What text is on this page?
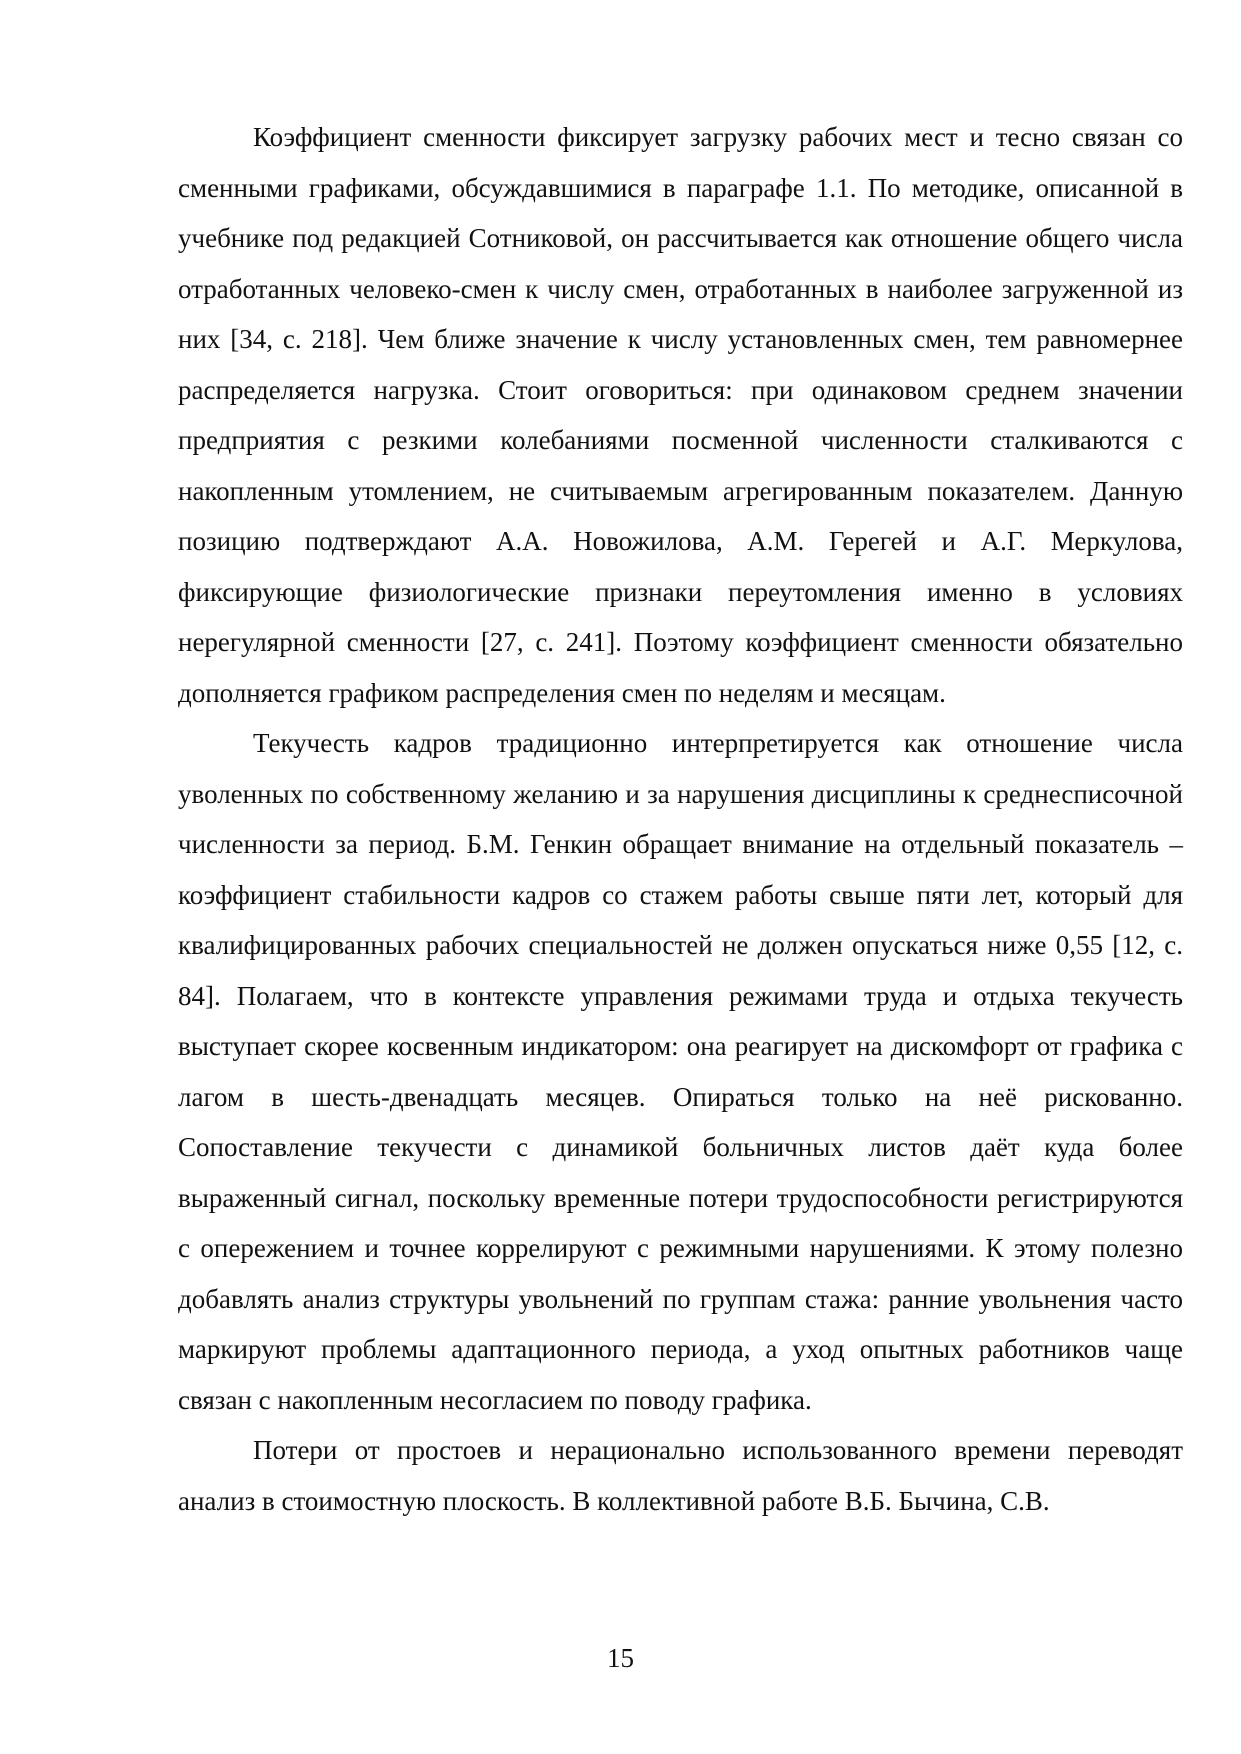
Коэффициент сменности фиксирует загрузку рабочих мест и тесно связан со сменными графиками, обсуждавшимися в параграфе 1.1. По методике, описанной в учебнике под редакцией Сотниковой, он рассчитывается как отношение общего числа отработанных человеко-смен к числу смен, отработанных в наиболее загруженной из них [34, с. 218]. Чем ближе значение к числу установленных смен, тем равномернее распределяется нагрузка. Стоит оговориться: при одинаковом среднем значении предприятия с резкими колебаниями посменной численности сталкиваются с накопленным утомлением, не считываемым агрегированным показателем. Данную позицию подтверждают А.А. Новожилова, А.М. Герегей и А.Г. Меркулова, фиксирующие физиологические признаки переутомления именно в условиях нерегулярной сменности [27, с. 241]. Поэтому коэффициент сменности обязательно дополняется графиком распределения смен по неделям и месяцам.

Текучесть кадров традиционно интерпретируется как отношение числа уволенных по собственному желанию и за нарушения дисциплины к среднесписочной численности за период. Б.М. Генкин обращает внимание на отдельный показатель – коэффициент стабильности кадров со стажем работы свыше пяти лет, который для квалифицированных рабочих специальностей не должен опускаться ниже 0,55 [12, с. 84]. Полагаем, что в контексте управления режимами труда и отдыха текучесть выступает скорее косвенным индикатором: она реагирует на дискомфорт от графика с лагом в шесть-двенадцать месяцев. Опираться только на неё рискованно. Сопоставление текучести с динамикой больничных листов даёт куда более выраженный сигнал, поскольку временные потери трудоспособности регистрируются с опережением и точнее коррелируют с режимными нарушениями. К этому полезно добавлять анализ структуры увольнений по группам стажа: ранние увольнения часто маркируют проблемы адаптационного периода, а уход опытных работников чаще связан с накопленным несогласием по поводу графика.

Потери от простоев и нерационально использованного времени переводят анализ в стоимостную плоскость. В коллективной работе В.Б. Бычина, С.В.

15
